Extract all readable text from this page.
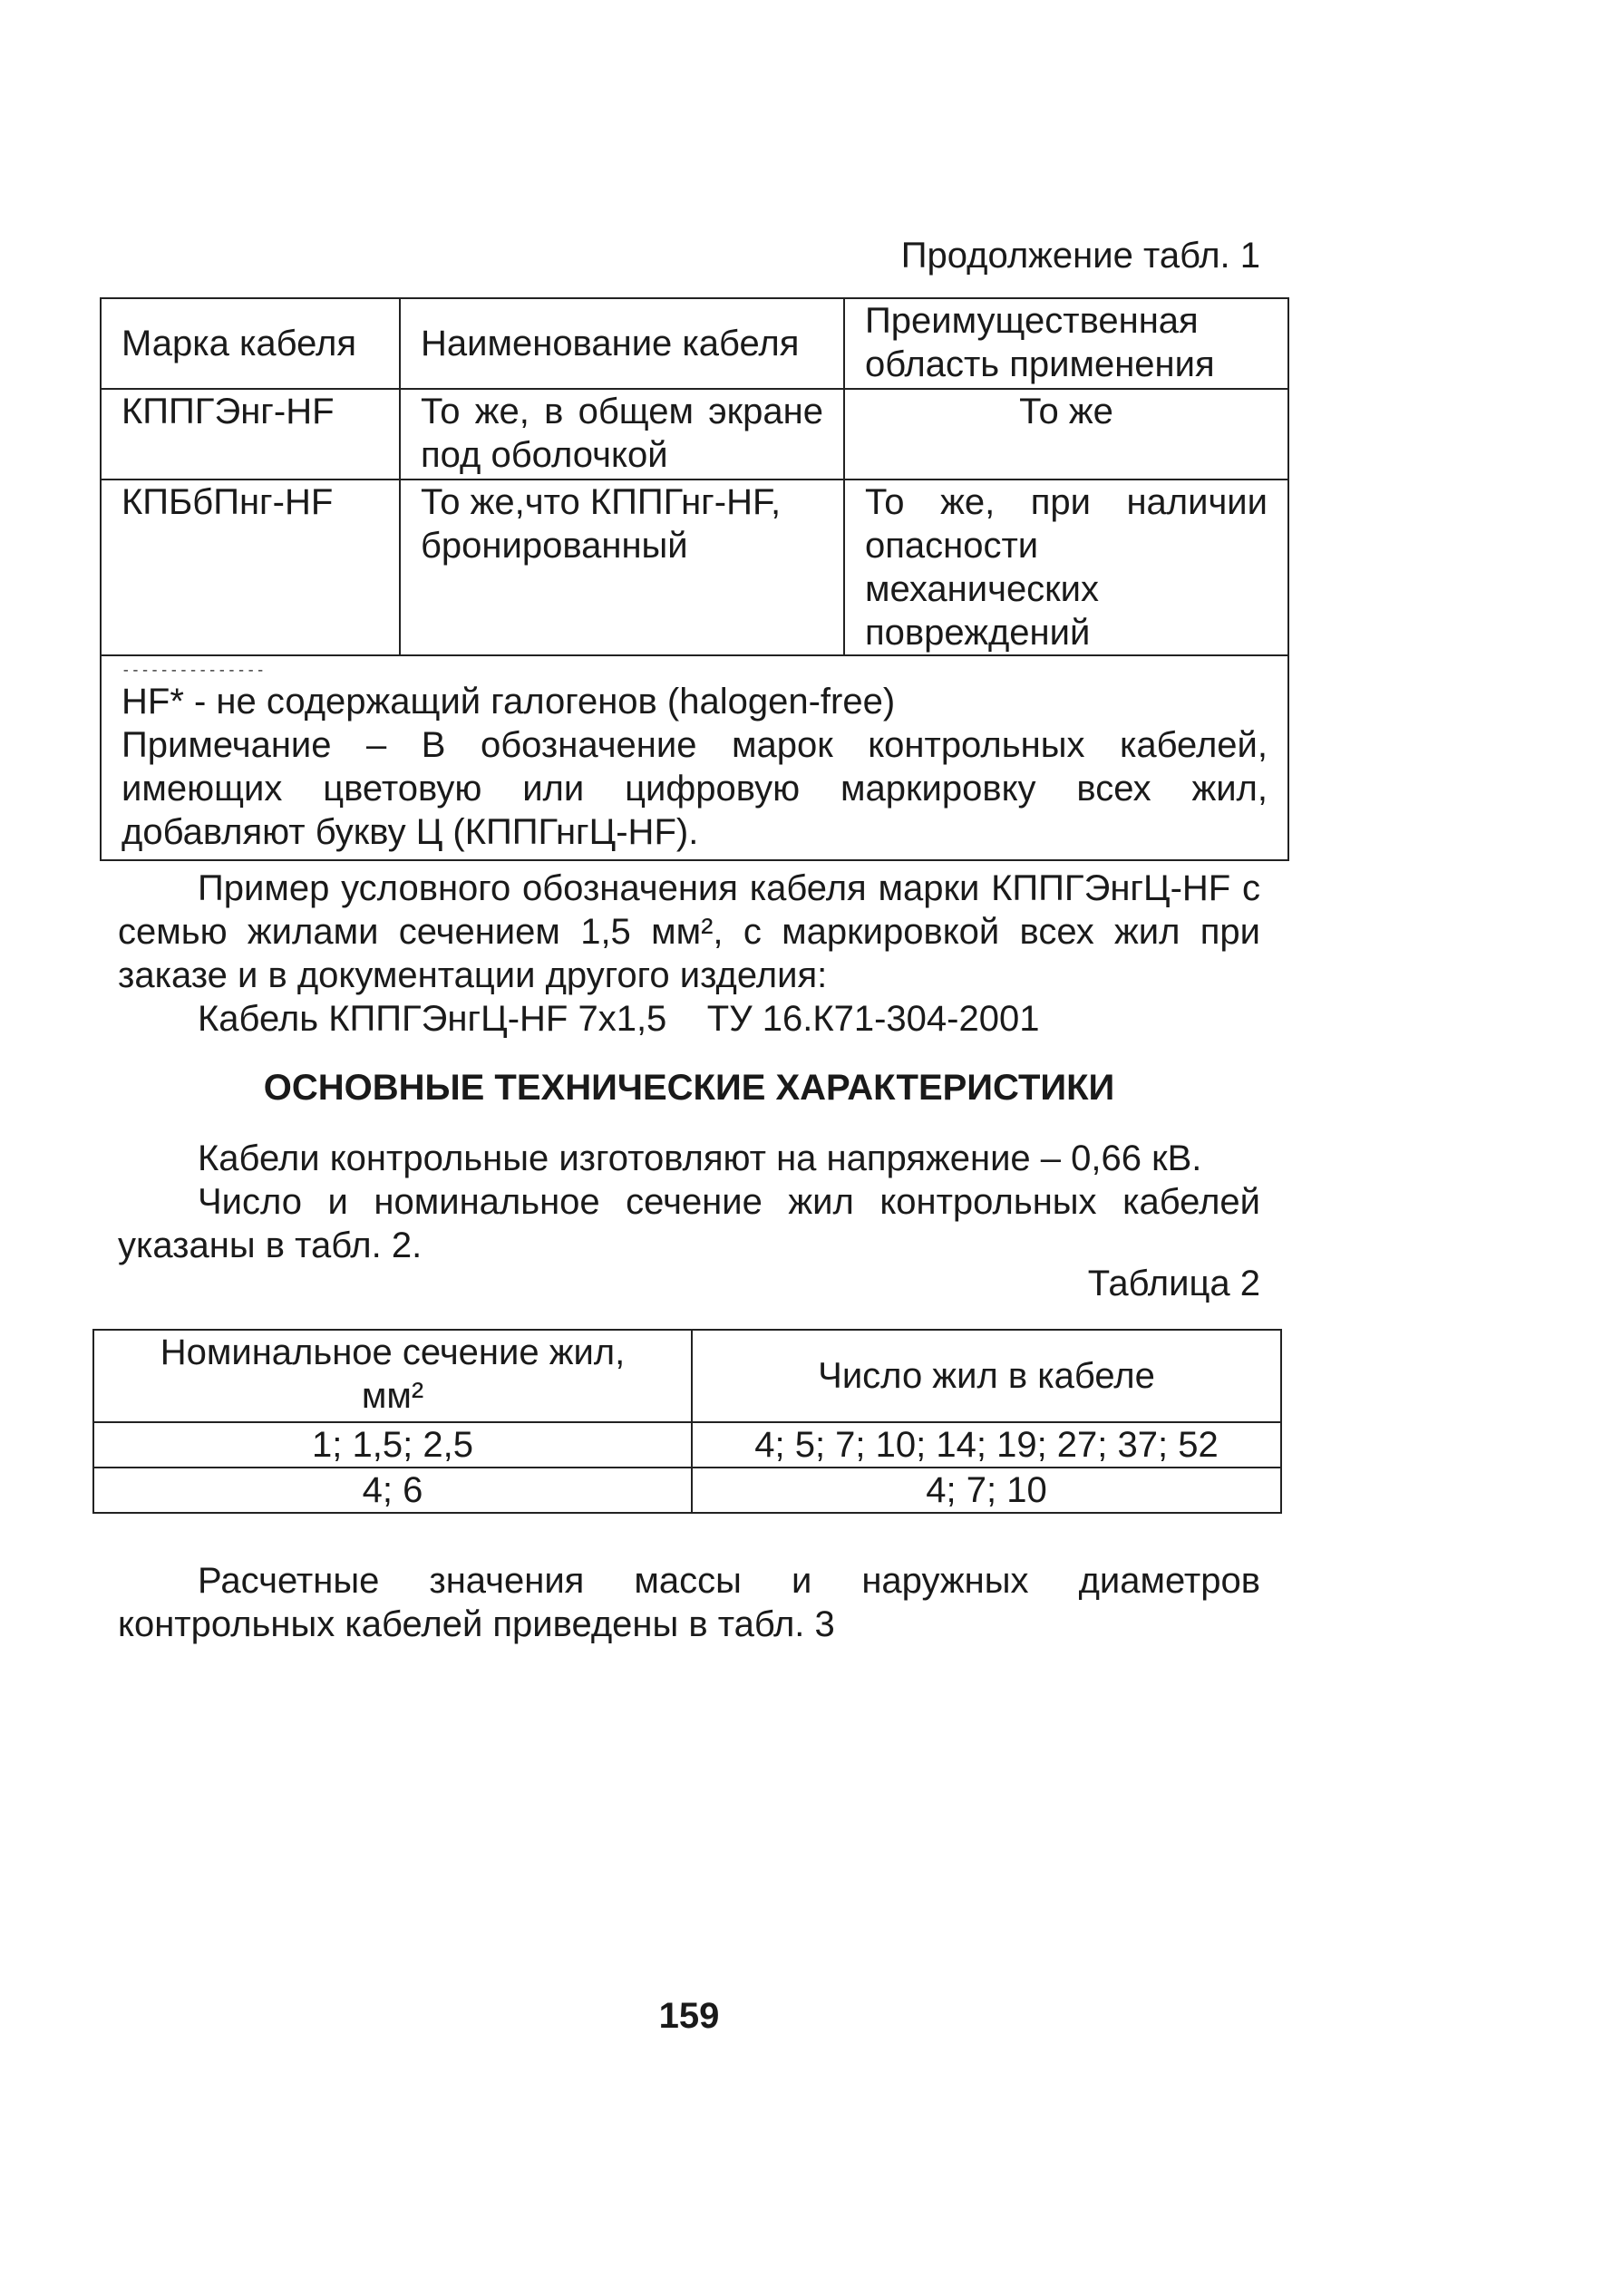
Продолжение табл. 1
Марка кабеля	Наименование кабеля	Преимущественная область применения
КППГЭнг-HF	То же, в общем экране под оболочкой	То же
КПБбПнг-HF	То же,что КППГнг-HF, бронированный	То же, при наличии опасности механических повреждений

---------------
HF* - не содержащий галогенов (halogen-free)
Примечание – В обозначение марок контрольных кабелей, имеющих цветовую или цифровую маркировку всех жил, добавляют букву Ц (КППГнгЦ-HF).		
Пример условного обозначения кабеля марки КППГЭнгЦ-HF с семью жилами сечением 1,5 мм², с маркировкой всех жил при заказе и в документации другого изделия:
Кабель КППГЭнгЦ-HF 7х1,5    ТУ 16.К71-304-2001
ОСНОВНЫЕ ТЕХНИЧЕСКИЕ ХАРАКТЕРИСТИКИ
Кабели контрольные изготовляют на напряжение – 0,66 кВ.
Число и номинальное сечение жил контрольных кабелей указаны в табл. 2.
Таблица 2
Номинальное сечение жил, мм²	Число жил в кабеле
1; 1,5; 2,5	4; 5; 7; 10; 14; 19; 27; 37; 52
4; 6	4; 7; 10
Расчетные значения массы и наружных диаметров контрольных кабелей приведены в табл. 3
159
